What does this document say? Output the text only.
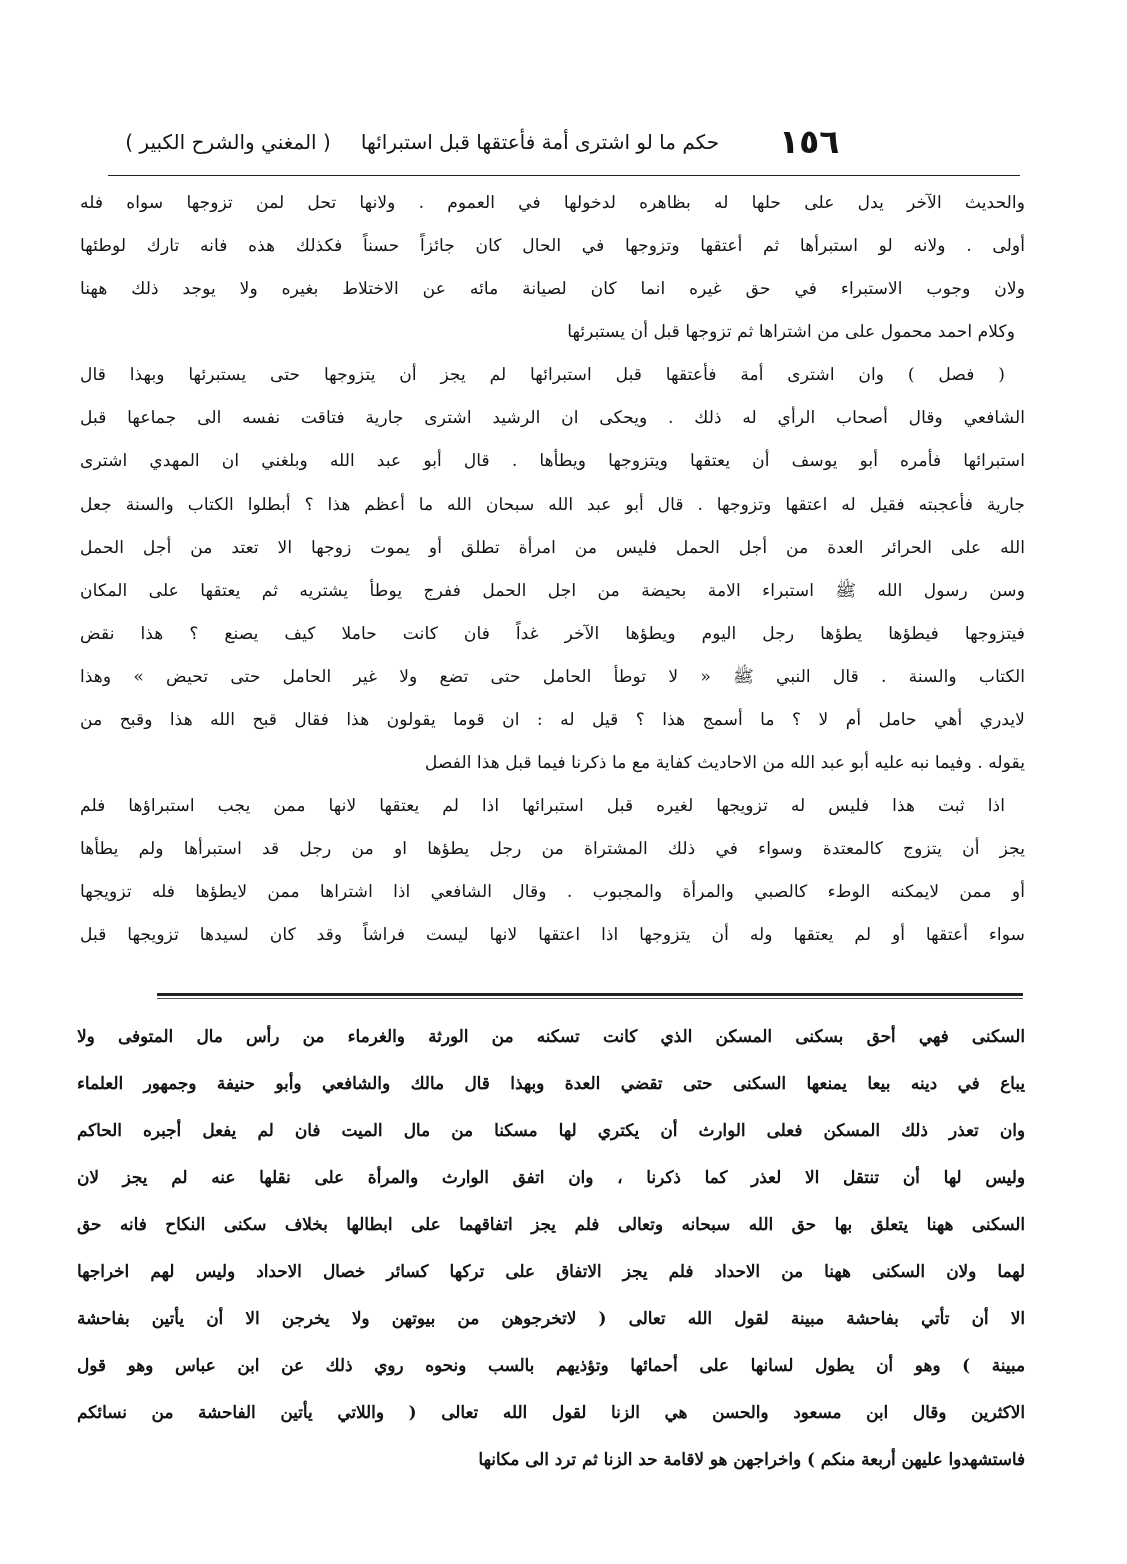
١٥٦
حكم ما لو اشترى أمة فأعتقها قبل استبرائها
( المغني والشرح الكبير )
والحديث الآخر يدل على حلها له بظاهره لدخولها في العموم . ولانها تحل لمن تزوجها سواه فله
أولى . ولانه لو استبرأها ثم أعتقها وتزوجها في الحال كان جائزاً حسناً فكذلك هذه فانه تارك لوطئها
ولان وجوب الاستبراء في حق غيره انما كان لصيانة مائه عن الاختلاط بغيره ولا يوجد ذلك ههنا
وكلام احمد محمول على من اشتراها ثم تزوجها قبل أن يستبرئها
( فصل ) وان اشترى أمة فأعتقها قبل استبرائها لم يجز أن يتزوجها حتى يستبرئها وبهذا قال
الشافعي وقال أصحاب الرأي له ذلك . ويحكى ان الرشيد اشترى جارية فتاقت نفسه الى جماعها قبل
استبرائها فأمره أبو يوسف أن يعتقها ويتزوجها ويطأها . قال أبو عبد الله وبلغني ان المهدي اشترى
جارية فأعجبته فقيل له اعتقها وتزوجها . قال أبو عبد الله سبحان الله ما أعظم هذا ؟ أبطلوا الكتاب والسنة جعل
الله على الحرائر العدة من أجل الحمل فليس من امرأة تطلق أو يموت زوجها الا تعتد من أجل الحمل
وسن رسول الله ﷺ استبراء الامة بحيضة من اجل الحمل ففرج يوطأ يشتريه ثم يعتقها على المكان
فيتزوجها فيطؤها يطؤها رجل اليوم ويطؤها الآخر غداً فان كانت حاملا كيف يصنع ؟ هذا نقض
الكتاب والسنة . قال النبي ﷺ « لا توطأ الحامل حتى تضع ولا غير الحامل حتى تحيض » وهذا
لايدري أهي حامل أم لا ؟ ما أسمج هذا ؟ قيل له : ان قوما يقولون هذا فقال قبح الله هذا وقبح من
يقوله . وفيما نبه عليه أبو عبد الله من الاحاديث كفاية مع ما ذكرنا فيما قبل هذا الفصل
اذا ثبت هذا فليس له تزويجها لغيره قبل استبرائها اذا لم يعتقها لانها ممن يجب استبراؤها فلم
يجز أن يتزوج كالمعتدة وسواء في ذلك المشتراة من رجل يطؤها او من رجل قد استبرأها ولم يطأها
أو ممن لايمكنه الوطء كالصبي والمرأة والمجبوب . وقال الشافعي اذا اشتراها ممن لايطؤها فله تزويجها
سواء أعتقها أو لم يعتقها وله أن يتزوجها اذا اعتقها لانها ليست فراشاً وقد كان لسيدها تزويجها قبل
السكنى فهي أحق بسكنى المسكن الذي كانت تسكنه من الورثة والغرماء من رأس مال المتوفى ولا
يباع في دينه بيعا يمنعها السكنى حتى تقضي العدة وبهذا قال مالك والشافعي وأبو حنيفة وجمهور العلماء
وان تعذر ذلك المسكن فعلى الوارث أن يكتري لها مسكنا من مال الميت فان لم يفعل أجبره الحاكم
وليس لها أن تنتقل الا لعذر كما ذكرنا ، وان اتفق الوارث والمرأة على نقلها عنه لم يجز لان
السكنى ههنا يتعلق بها حق الله سبحانه وتعالى فلم يجز اتفاقهما على ابطالها بخلاف سكنى النكاح فانه حق
لهما ولان السكنى ههنا من الاحداد فلم يجز الاتفاق على تركها كسائر خصال الاحداد وليس لهم اخراجها
الا أن تأتي بفاحشة مبينة لقول الله تعالى ( لاتخرجوهن من بيوتهن ولا يخرجن الا أن يأتين بفاحشة
مبينة ) وهو أن يطول لسانها على أحمائها وتؤذيهم بالسب ونحوه روي ذلك عن ابن عباس وهو قول
الاكثرين وقال ابن مسعود والحسن هي الزنا لقول الله تعالى ( واللاتي يأتين الفاحشة من نسائكم
فاستشهدوا عليهن أربعة منكم ) واخراجهن هو لاقامة حد الزنا ثم ترد الى مكانها
